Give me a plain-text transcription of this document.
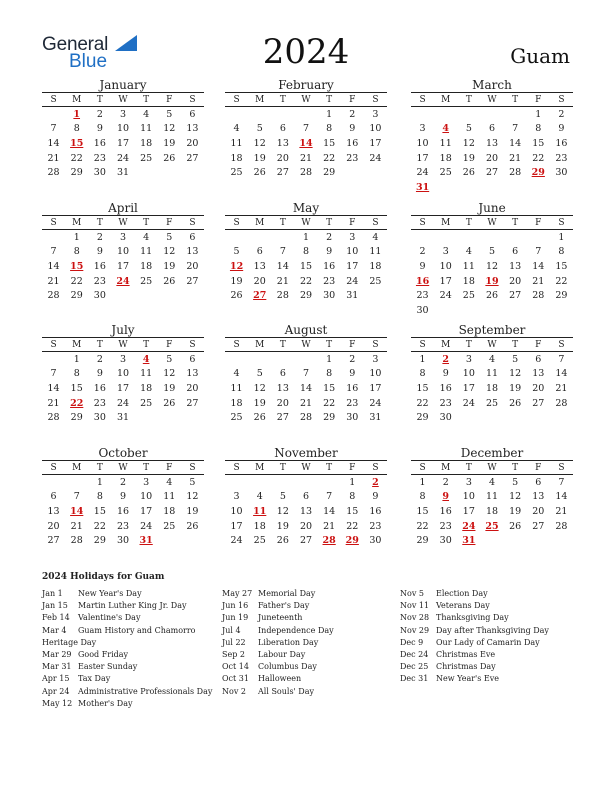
General
Blue	2024	Guam
January
S	M	T	W	T	F	S
	1	2	3	4	5	6
7	8	9	10	11	12	13
14	15	16	17	18	19	20
21	22	23	24	25	26	27
28	29	30	31			
February
S	M	T	W	T	F	S
				1	2	3
4	5	6	7	8	9	10
11	12	13	14	15	16	17
18	19	20	21	22	23	24
25	26	27	28	29		
March
S	M	T	W	T	F	S
					1	2
3	4	5	6	7	8	9
10	11	12	13	14	15	16
17	18	19	20	21	22	23
24	25	26	27	28	29	30
31						
April
S	M	T	W	T	F	S
	1	2	3	4	5	6
7	8	9	10	11	12	13
14	15	16	17	18	19	20
21	22	23	24	25	26	27
28	29	30				
May
S	M	T	W	T	F	S
			1	2	3	4
5	6	7	8	9	10	11
12	13	14	15	16	17	18
19	20	21	22	23	24	25
26	27	28	29	30	31	
June
S	M	T	W	T	F	S
						1
2	3	4	5	6	7	8
9	10	11	12	13	14	15
16	17	18	19	20	21	22
23	24	25	26	27	28	29
30						
July
S	M	T	W	T	F	S
	1	2	3	4	5	6
7	8	9	10	11	12	13
14	15	16	17	18	19	20
21	22	23	24	25	26	27
28	29	30	31			
August
S	M	T	W	T	F	S
				1	2	3
4	5	6	7	8	9	10
11	12	13	14	15	16	17
18	19	20	21	22	23	24
25	26	27	28	29	30	31
September
S	M	T	W	T	F	S
1	2	3	4	5	6	7
8	9	10	11	12	13	14
15	16	17	18	19	20	21
22	23	24	25	26	27	28
29	30					
October
S	M	T	W	T	F	S
		1	2	3	4	5
6	7	8	9	10	11	12
13	14	15	16	17	18	19
20	21	22	23	24	25	26
27	28	29	30	31		
November
S	M	T	W	T	F	S
					1	2
3	4	5	6	7	8	9
10	11	12	13	14	15	16
17	18	19	20	21	22	23
24	25	26	27	28	29	30
December
S	M	T	W	T	F	S
1	2	3	4	5	6	7
8	9	10	11	12	13	14
15	16	17	18	19	20	21
22	23	24	25	26	27	28
29	30	31				
2024 Holidays for Guam
Jan 1 New Year's Day
Jan 15 Martin Luther King Jr. Day
Feb 14 Valentine's Day
Mar 4 Guam History and Chamorro
Heritage Day
Mar 29 Good Friday
Mar 31 Easter Sunday
Apr 15 Tax Day
Apr 24 Administrative Professionals Day
May 12 Mother's Day
May 27 Memorial Day
Jun 16 Father's Day
Jun 19 Juneteenth
Jul 4 Independence Day
Jul 22 Liberation Day
Sep 2 Labour Day
Oct 14 Columbus Day
Oct 31 Halloween
Nov 2 All Souls' Day
Nov 5 Election Day
Nov 11 Veterans Day
Nov 28 Thanksgiving Day
Nov 29 Day after Thanksgiving Day
Dec 9 Our Lady of Camarin Day
Dec 24 Christmas Eve
Dec 25 Christmas Day
Dec 31 New Year's Eve
